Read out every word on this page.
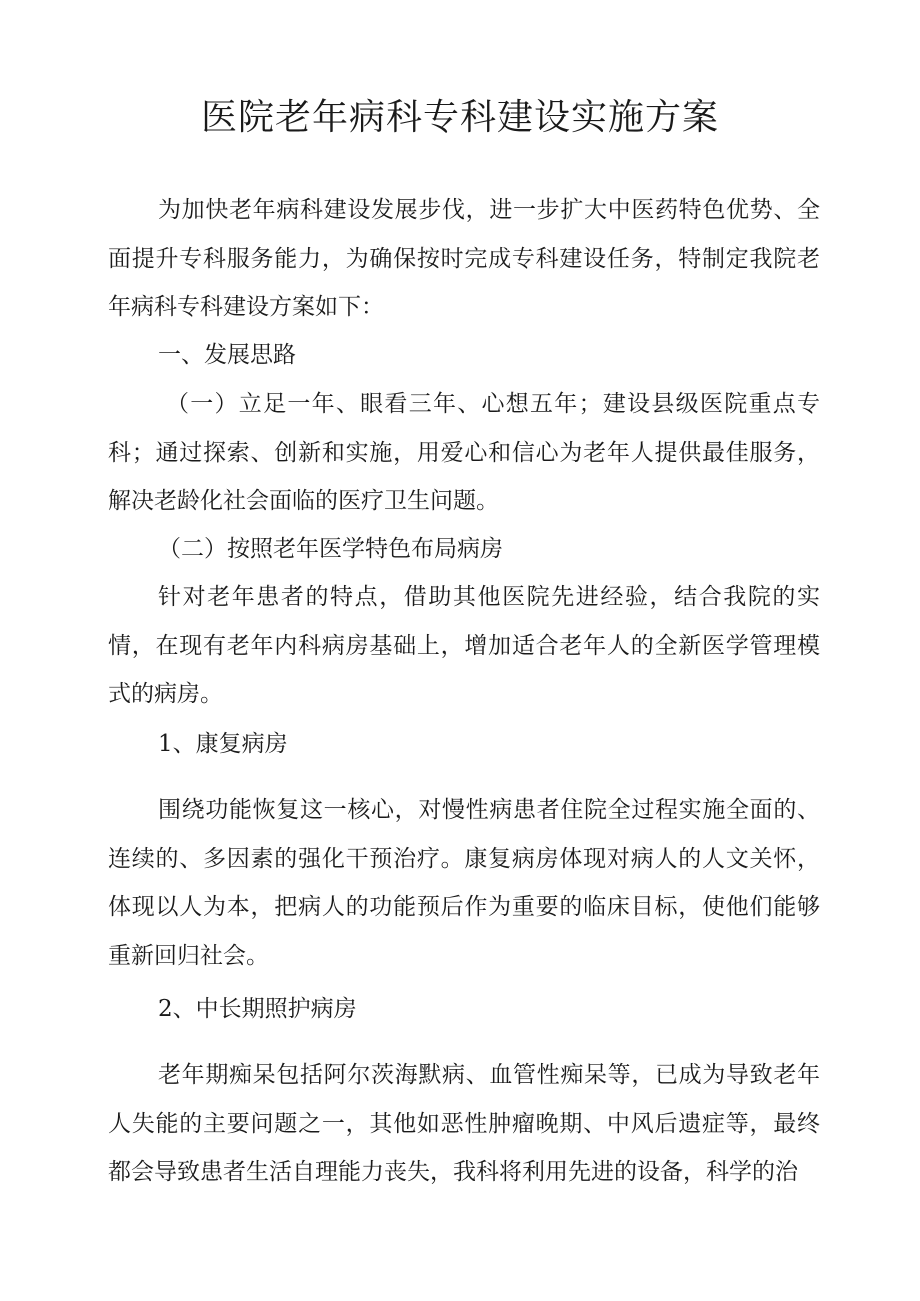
医院老年病科专科建设实施方案

为加快老年病科建设发展步伐，进一步扩大中医药特色优势、全面提升专科服务能力，为确保按时完成专科建设任务，特制定我院老年病科专科建设方案如下：

一、发展思路

（一）立足一年、眼看三年、心想五年；建设县级医院重点专科；通过探索、创新和实施，用爱心和信心为老年人提供最佳服务，解决老龄化社会面临的医疗卫生问题。

（二）按照老年医学特色布局病房

针对老年患者的特点，借助其他医院先进经验，结合我院的实情，在现有老年内科病房基础上，增加适合老年人的全新医学管理模式的病房。

1、康复病房

围绕功能恢复这一核心，对慢性病患者住院全过程实施全面的、连续的、多因素的强化干预治疗。康复病房体现对病人的人文关怀，体现以人为本，把病人的功能预后作为重要的临床目标，使他们能够重新回归社会。

2、中长期照护病房

老年期痴呆包括阿尔茨海默病、血管性痴呆等，已成为导致老年人失能的主要问题之一，其他如恶性肿瘤晚期、中风后遗症等，最终都会导致患者生活自理能力丧失，我科将利用先进的设备，科学的治
